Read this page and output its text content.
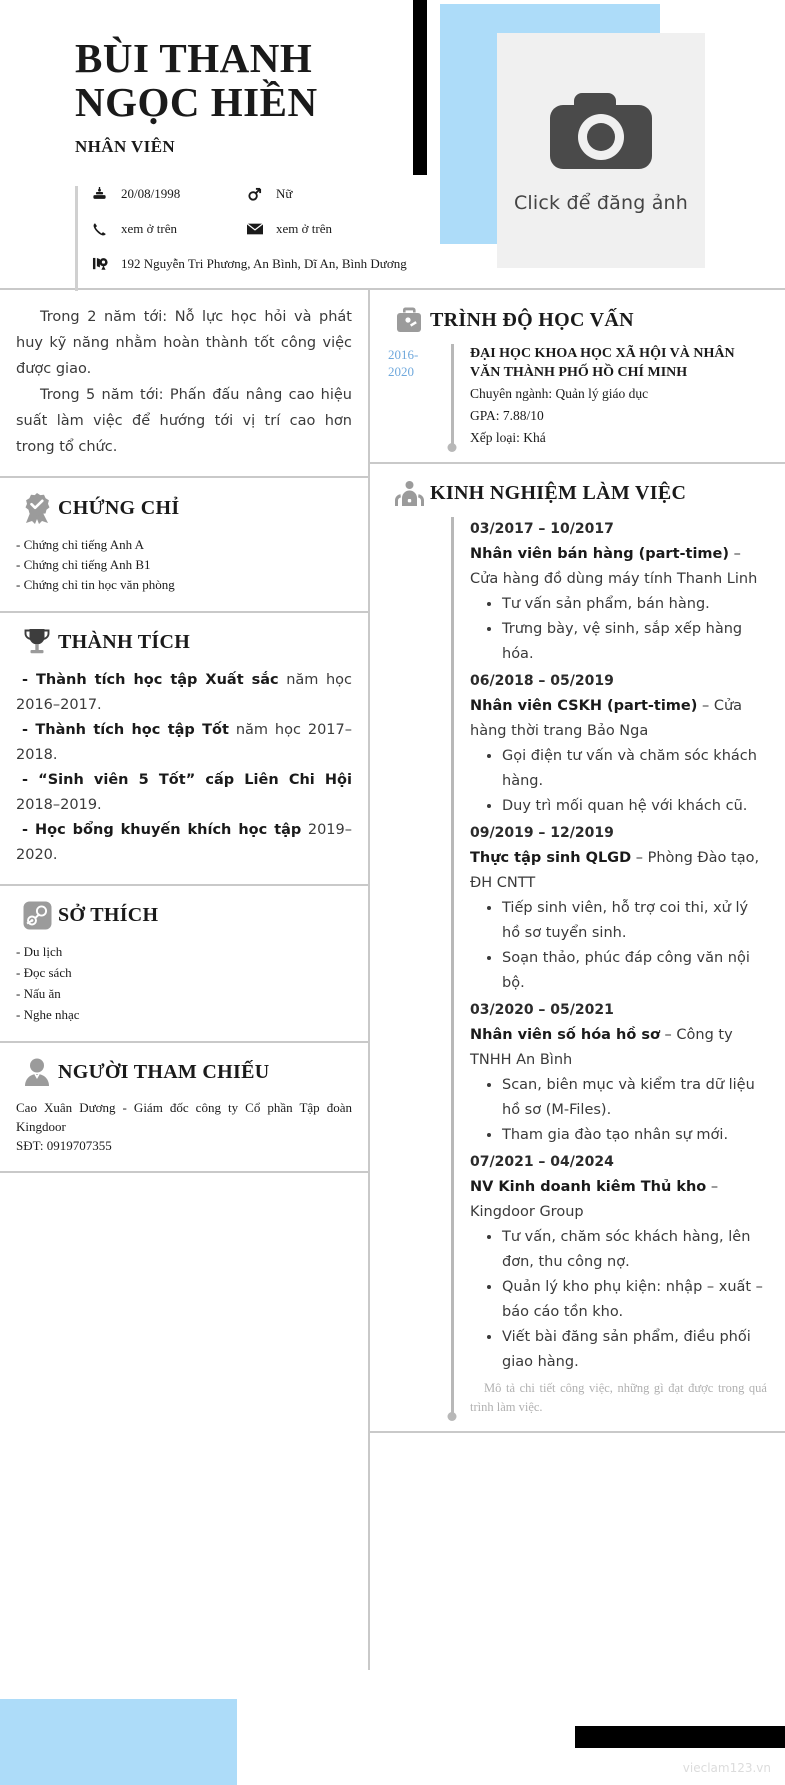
Click để đăng ảnh
BÙI THANH
NGỌC HIỀN
NHÂN VIÊN
20/08/1998	Nữ
xem ở trên	xem ở trên
192 Nguyễn Tri Phương, An Bình, Dĩ An, Bình Dương

Trong 2 năm tới: Nỗ lực học hỏi và phát huy kỹ năng nhằm hoàn thành tốt công việc được giao.

Trong 5 năm tới: Phấn đấu nâng cao hiệu suất làm việc để hướng tới vị trí cao hơn trong tổ chức.

CHỨNG CHỈ
- Chứng chỉ tiếng Anh A
- Chứng chỉ tiếng Anh B1
- Chứng chỉ tin học văn phòng
THÀNH TÍCH

- Thành tích học tập Xuất sắc năm học 2016–2017.

- Thành tích học tập Tốt năm học 2017–2018.

- “Sinh viên 5 Tốt” cấp Liên Chi Hội 2018–2019.

- Học bổng khuyến khích học tập 2019–2020.

SỞ THÍCH
- Du lịch
- Đọc sách
- Nấu ăn
- Nghe nhạc
NGƯỜI THAM CHIẾU
Cao Xuân Dương - Giám đốc công ty Cổ phần Tập đoàn Kingdoor
SĐT: 0919707355
TRÌNH ĐỘ HỌC VẤN
2016-2020
ĐẠI HỌC KHOA HỌC XÃ HỘI VÀ NHÂN VĂN THÀNH PHỐ HỒ CHÍ MINH
Chuyên ngành: Quản lý giáo dục
GPA: 7.88/10
Xếp loại: Khá
KINH NGHIỆM LÀM VIỆC
03/2017 – 10/2017
Nhân viên bán hàng (part-time) – Cửa hàng đồ dùng máy tính Thanh Linh
• Tư vấn sản phẩm, bán hàng.
• Trưng bày, vệ sinh, sắp xếp hàng hóa.
06/2018 – 05/2019
Nhân viên CSKH (part-time) – Cửa hàng thời trang Bảo Nga
• Gọi điện tư vấn và chăm sóc khách hàng.
• Duy trì mối quan hệ với khách cũ.
09/2019 – 12/2019
Thực tập sinh QLGD – Phòng Đào tạo, ĐH CNTT
• Tiếp sinh viên, hỗ trợ coi thi, xử lý hồ sơ tuyển sinh.
• Soạn thảo, phúc đáp công văn nội bộ.
03/2020 – 05/2021
Nhân viên số hóa hồ sơ – Công ty TNHH An Bình
• Scan, biên mục và kiểm tra dữ liệu hồ sơ (M-Files).
• Tham gia đào tạo nhân sự mới.
07/2021 – 04/2024
NV Kinh doanh kiêm Thủ kho – Kingdoor Group
• Tư vấn, chăm sóc khách hàng, lên đơn, thu công nợ.
• Quản lý kho phụ kiện: nhập – xuất – báo cáo tồn kho.
• Viết bài đăng sản phẩm, điều phối giao hàng.
Mô tả chi tiết công việc, những gì đạt được trong quá trình làm việc.
vieclam123.vn
